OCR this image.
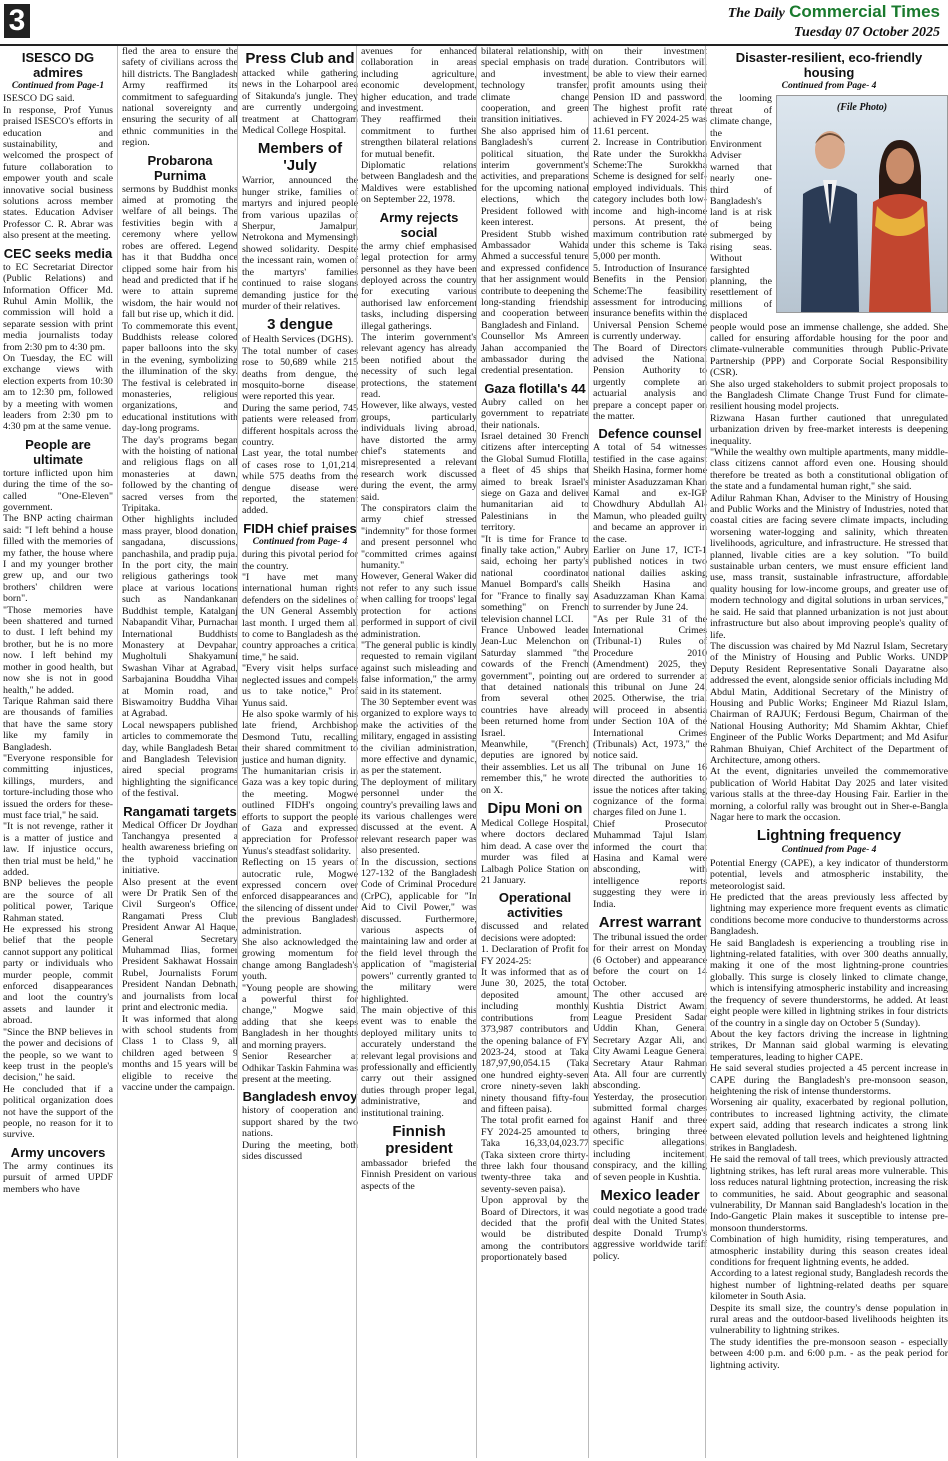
3	The Daily Commercial Times
Tuesday 07 October 2025
ISESCO DG admires
Continued from Page-1

ISESCO DG said.

In response, Prof Yunus praised ISESCO's efforts in education and sustainability, and welcomed the prospect of future collaboration to empower youth and scale innovative social business solutions across member states. Education Adviser Professor C. R. Abrar was also present at the meeting.

CEC seeks media

to EC Secretariat Director (Public Relations) and Information Officer Md. Ruhul Amin Mollik, the commission will hold a separate session with print media journalists today from 2:30 pm to 4:30 pm.

On Tuesday, the EC will exchange views with election experts from 10:30 am to 12:30 pm, followed by a meeting with women leaders from 2:30 pm to 4:30 pm at the same venue.

People are ultimate

torture inflicted upon him during the time of the so-called "One-Eleven" government.

The BNP acting chairman said: "I left behind a house filled with the memories of my father, the house where I and my younger brother grew up, and our two brothers' children were born".

"Those memories have been shattered and turned to dust. I left behind my brother, but he is no more now. I left behind my mother in good health, but now she is not in good health," he added.

Tarique Rahman said there are thousands of families that have the same story like my family in Bangladesh.

"Everyone responsible for committing injustices, killings, murders, and torture-including those who issued the orders for these-must face trial," he said.

"It is not revenge, rather it is a matter of justice and law. If injustice occurs, then trial must be held," he added.

BNP believes the people are the source of all political power, Tarique Rahman stated.

He expressed his strong belief that the people cannot support any political party or individuals who murder people, commit enforced disappearances and loot the country's assets and launder it abroad.

"Since the BNP believes in the power and decisions of the people, so we want to keep trust in the people's decision," he said.

He concluded that if a political organization does not have the support of the people, no reason for it to survive.

Army uncovers

The army continues its pursuit of armed UPDF members who have

fled the area to ensure the safety of civilians across the hill districts. The Bangladesh Army reaffirmed its commitment to safeguarding national sovereignty and ensuring the security of all ethnic communities in the region.

Probarona Purnima

sermons by Buddhist monks aimed at promoting the welfare of all beings. The festivities begin with a ceremony where yellow robes are offered. Legend has it that Buddha once clipped some hair from his head and predicted that if he were to attain supreme wisdom, the hair would not fall but rise up, which it did.

To commemorate this event, Buddhists release colored paper balloons into the sky in the evening, symbolizing the illumination of the sky. The festival is celebrated in monasteries, religious organizations, and educational institutions with day-long programs.

The day's programs began with the hoisting of national and religious flags on all monasteries at dawn, followed by the chanting of sacred verses from the Tripitaka.

Other highlights included mass prayer, blood donation, sangadana, discussions, panchashila, and pradip puja.

In the port city, the main religious gatherings took place at various locations such as Nandankanan Buddhist temple, Katalganj Nabapandit Vihar, Purnachar International Buddhists Monastery at Devpahar, Mugholtuli Shakyamuni Swashan Vihar at Agrabad, Sarbajanina Bouddha Vihar at Momin road, and Biswamoitry Buddha Vihar at Agrabad.

Local newspapers published articles to commemorate the day, while Bangladesh Betar and Bangladesh Television aired special programs highlighting the significance of the festival.

Rangamati targets

Medical Officer Dr Joydhan Tanchangya presented a health awareness briefing on the typhoid vaccination initiative.

Also present at the event were Dr Pratik Sen of the Civil Surgeon's Office, Rangamati Press Club President Anwar Al Haque, General Secretary Muhammad Ilias, former President Sakhawat Hossain Rubel, Journalists Forum President Nandan Debnath, and journalists from local print and electronic media.

It was informed that along with school students from Class 1 to Class 9, all children aged between 9 months and 15 years will be eligible to receive the vaccine under the campaign.

Press Club and

attacked while gathering news in the Loharpool area of Sitakunda's jungle. They are currently undergoing treatment at Chattogram Medical College Hospital.

Members of 'July

Warrior, announced the hunger strike, families of martyrs and injured people from various upazilas of Sherpur, Jamalpur, Netrokona and Mymensingh showed solidarity. Despite the incessant rain, women of the martyrs' families continued to raise slogans demanding justice for the murder of their relatives.

3 dengue

of Health Services (DGHS).

The total number of cases rose to 50,689 while 215 deaths from dengue, the mosquito-borne disease, were reported this year.

During the same period, 745 patients were released from different hospitals across the country.

Last year, the total number of cases rose to 1,01,214, while 575 deaths from the dengue disease were reported, the statement added.

FIDH chief praises
Continued from Page- 4

during this pivotal period for the country.

"I have met many international human rights defenders on the sidelines of the UN General Assembly last month. I urged them all to come to Bangladesh as the country approaches a critical time," he said.

"Every visit helps surface neglected issues and compels us to take notice," Prof Yunus said.

He also spoke warmly of his late friend, Archbishop Desmond Tutu, recalling their shared commitment to justice and human dignity.

The humanitarian crisis in Gaza was a key topic during the meeting. Mogwe outlined FIDH's ongoing efforts to support the people of Gaza and expressed appreciation for Professor Yunus's steadfast solidarity.

Reflecting on 15 years of autocratic rule, Mogwe expressed concern over enforced disappearances and the silencing of dissent under the previous Bangladesh administration.

She also acknowledged the growing momentum for change among Bangladesh's youth.

"Young people are showing a powerful thirst for change," Mogwe said, adding that she keeps Bangladesh in her thoughts and morning prayers.

Senior Researcher at Odhikar Taskin Fahmina was present at the meeting.

Bangladesh envoy

history of cooperation and support shared by the two nations.

During the meeting, both sides discussed

avenues for enhanced collaboration in areas including agriculture, economic development, higher education, and trade and investment.

They reaffirmed their commitment to further strengthen bilateral relations for mutual benefit.

Diplomatic relations between Bangladesh and the Maldives were established on September 22, 1978.

Army rejects social

the army chief emphasised legal protection for army personnel as they have been deployed across the country for executing various authorised law enforcement tasks, including dispersing illegal gatherings.

The interim government's relevant agency has already been notified about the necessity of such legal protections, the statement read.

However, like always, vested groups, particularly individuals living abroad, have distorted the army chief's statements and misrepresented a relevant research work discussed during the event, the army said.

The conspirators claim the army chief stressed "indemnity" for those former and present personnel who "committed crimes against humanity."

However, General Waker did not refer to any such issue when calling for troops' legal protection for actions performed in support of civil administration.

"The general public is kindly requested to remain vigilant against such misleading and false information," the army said in its statement.

The 30 September event was organized to explore ways to make the activities of the military, engaged in assisting the civilian administration, more effective and dynamic, as per the statement.

The deployment of military personnel under the country's prevailing laws and its various challenges were discussed at the event. A relevant research paper was also presented.

In the discussion, sections 127-132 of the Bangladesh Code of Criminal Procedure (CrPC), applicable for "In Aid to Civil Power," was discussed. Furthermore, various aspects of maintaining law and order at the field level through the application of "magisterial powers" currently granted to the military were highlighted.

The main objective of this event was to enable the deployed military units to accurately understand the relevant legal provisions and professionally and efficiently carry out their assigned duties through proper legal, administrative, and institutional training.

Finnish president

ambassador briefed the Finnish President on various aspects of the

bilateral relationship, with special emphasis on trade and investment, technology transfer, climate change cooperation, and green transition initiatives.

She also apprised him of Bangladesh's current political situation, the interim government's activities, and preparations for the upcoming national elections, which the President followed with keen interest.

President Stubb wished Ambassador Wahida Ahmed a successful tenure and expressed confidence that her assignment would contribute to deepening the long-standing friendship and cooperation between Bangladesh and Finland.

Counsellor Ms Amreen Jahan accompanied the ambassador during the credential presentation.

Gaza flotilla's 44

Aubry called on her government to repatriate their nationals.

Israel detained 30 French citizens after intercepting the Global Sumud Flotilla, a fleet of 45 ships that aimed to break Israel's siege on Gaza and deliver humanitarian aid to Palestinians in the territory.

"It is time for France to finally take action," Aubry said, echoing her party's national coordinator Manuel Bompard's calls for "France to finally say something" on French television channel LCI.

France Unbowed leader Jean-Luc Melenchon on Saturday slammed "the cowards of the French government", pointing out that detained nationals from several other countries have already been returned home from Israel.

Meanwhile, "(French) deputies are ignored by their assemblies. Let us all remember this," he wrote on X.

Dipu Moni on

Medical College Hospital, where doctors declared him dead. A case over the murder was filed at Lalbagh Police Station on 21 January.

Operational activities

discussed and related decisions were adopted:

1. Declaration of Profit for FY 2024-25:

It was informed that as of June 30, 2025, the total deposited amount, including monthly contributions from 373,987 contributors and the opening balance of FY 2023-24, stood at Taka 187,97,90,054.15 (Taka one hundred eighty-seven crore ninety-seven lakh ninety thousand fifty-four and fifteen paisa).

The total profit earned for FY 2024-25 amounted to Taka 16,33,04,023.77 (Taka sixteen crore thirty-three lakh four thousand twenty-three taka and seventy-seven paisa).

Upon approval by the Board of Directors, it was decided that the profit would be distributed among the contributors proportionately based

on their investment duration. Contributors will be able to view their earned profit amounts using their Pension ID and password. The highest profit rate achieved in FY 2024-25 was 11.61 percent.

2. Increase in Contribution Rate under the Surokkha Scheme:The Surokkha Scheme is designed for self-employed individuals. This category includes both low-income and high-income persons. At present, the maximum contribution rate under this scheme is Taka 5,000 per month.

5. Introduction of Insurance Benefits in the Pension Scheme:The feasibility assessment for introducing insurance benefits within the Universal Pension Scheme is currently underway.

The Board of Directors advised the National Pension Authority to urgently complete an actuarial analysis and prepare a concept paper on the matter.

Defence counsel

A total of 54 witnesses testified in the case against Sheikh Hasina, former home minister Asaduzzaman Khan Kamal and ex-IGP Chowdhury Abdullah Al-Mamun, who pleaded guilty and became an approver in the case.

Earlier on June 17, ICT-1 published notices in two national dailies asking Sheikh Hasina and Asaduzzaman Khan Kamal to surrender by June 24.

"As per Rule 31 of the International Crimes (Tribunal-1) Rules of Procedure 2010 (Amendment) 2025, they are ordered to surrender at this tribunal on June 24, 2025. Otherwise, the trial will proceed in absentia under Section 10A of the International Crimes (Tribunals) Act, 1973," the notice said.

The tribunal on June 16 directed the authorities to issue the notices after taking cognizance of the formal charges filed on June 1.

Chief Prosecutor Muhammad Tajul Islam informed the court that Hasina and Kamal were absconding, with intelligence reports suggesting they were in India.

Arrest warrant

The tribunal issued the order for their arrest on Monday (6 October) and appearance before the court on 14 October.

The other accused are Kushtia District Awami League President Sadar Uddin Khan, General Secretary Azgar Ali, and City Awami League General Secretary Ataur Rahman Ata. All four are currently absconding.

Yesterday, the prosecution submitted formal charges against Hanif and three others, bringing three specific allegations, including incitement, conspiracy, and the killing of seven people in Kushtia.

Mexico leader

could negotiate a good trade deal with the United States, despite Donald Trump's aggressive worldwide tariff policy.

Disaster-resilient, eco-friendly housing
Continued from Page- 4
(File Photo)

the looming threat of climate change, the Environment Adviser warned that nearly one-third of Bangladesh's land is at risk of being submerged by rising seas. Without farsighted planning, the resettlement of millions of displaced people would pose an immense challenge, she added. She called for ensuring affordable housing for the poor and climate-vulnerable communities through Public-Private Partnership (PPP) and Corporate Social Responsibility (CSR).

She also urged stakeholders to submit project proposals to the Bangladesh Climate Change Trust Fund for climate-resilient housing model projects.

Rizwana Hasan further cautioned that unregulated urbanization driven by free-market interests is deepening inequality.

"While the wealthy own multiple apartments, many middle-class citizens cannot afford even one. Housing should therefore be treated as both a constitutional obligation of the state and a fundamental human right," she said.

Adilur Rahman Khan, Adviser to the Ministry of Housing and Public Works and the Ministry of Industries, noted that coastal cities are facing severe climate impacts, including worsening water-logging and salinity, which threaten livelihoods, agriculture, and infrastructure. He stressed that planned, livable cities are a key solution. "To build sustainable urban centers, we must ensure efficient land use, mass transit, sustainable infrastructure, affordable quality housing for low-income groups, and greater use of modern technology and digital solutions in urban services," he said. He said that planned urbanization is not just about infrastructure but also about improving people's quality of life.

The discussion was chaired by Md Nazrul Islam, Secretary of the Ministry of Housing and Public Works. UNDP Deputy Resident Representative Sonali Dayaratne also addressed the event, alongside senior officials including Md Abdul Matin, Additional Secretary of the Ministry of Housing and Public Works; Engineer Md Riazul Islam, Chairman of RAJUK; Ferdousi Begum, Chairman of the National Housing Authority; Md Shamim Akhtar, Chief Engineer of the Public Works Department; and Md Asifur Rahman Bhuiyan, Chief Architect of the Department of Architecture, among others.

At the event, dignitaries unveiled the commemorative publication of World Habitat Day 2025 and later visited various stalls at the three-day Housing Fair. Earlier in the morning, a colorful rally was brought out in Sher-e-Bangla Nagar here to mark the occasion.

Lightning frequency
Continued from Page- 4

Potential Energy (CAPE), a key indicator of thunderstorm potential, levels and atmospheric instability, the meteorologist said.

He predicted that the areas previously less affected by lightning may experience more frequent events as climatic conditions become more conducive to thunderstorms across Bangladesh.

He said Bangladesh is experiencing a troubling rise in lightning-related fatalities, with over 300 deaths annually, making it one of the most lightning-prone countries globally. This surge is closely linked to climate change, which is intensifying atmospheric instability and increasing the frequency of severe thunderstorms, he added. At least eight people were killed in lightning strikes in four districts of the country in a single day on October 5 (Sunday).

About the key factors driving the increase in lightning strikes, Dr Mannan said global warming is elevating temperatures, leading to higher CAPE.

He said several studies projected a 45 percent increase in CAPE during the Bangladesh's pre-monsoon season, heightening the risk of intense thunderstorms.

Worsening air quality, exacerbated by regional pollution, contributes to increased lightning activity, the climate expert said, adding that research indicates a strong link between elevated pollution levels and heightened lightning strikes in Bangladesh.

He said the removal of tall trees, which previously attracted lightning strikes, has left rural areas more vulnerable. This loss reduces natural lightning protection, increasing the risk to communities, he said. About geographic and seasonal vulnerability, Dr Mannan said Bangladesh's location in the Indo-Gangetic Plain makes it susceptible to intense pre-monsoon thunderstorms.

Combination of high humidity, rising temperatures, and atmospheric instability during this season creates ideal conditions for frequent lightning events, he added.

According to a latest regional study, Bangladesh records the highest number of lightning-related deaths per square kilometer in South Asia.

Despite its small size, the country's dense population in rural areas and the outdoor-based livelihoods heighten its vulnerability to lightning strikes.

The study identifies the pre-monsoon season - especially between 4:00 p.m. and 6:00 p.m. - as the peak period for lightning activity.
